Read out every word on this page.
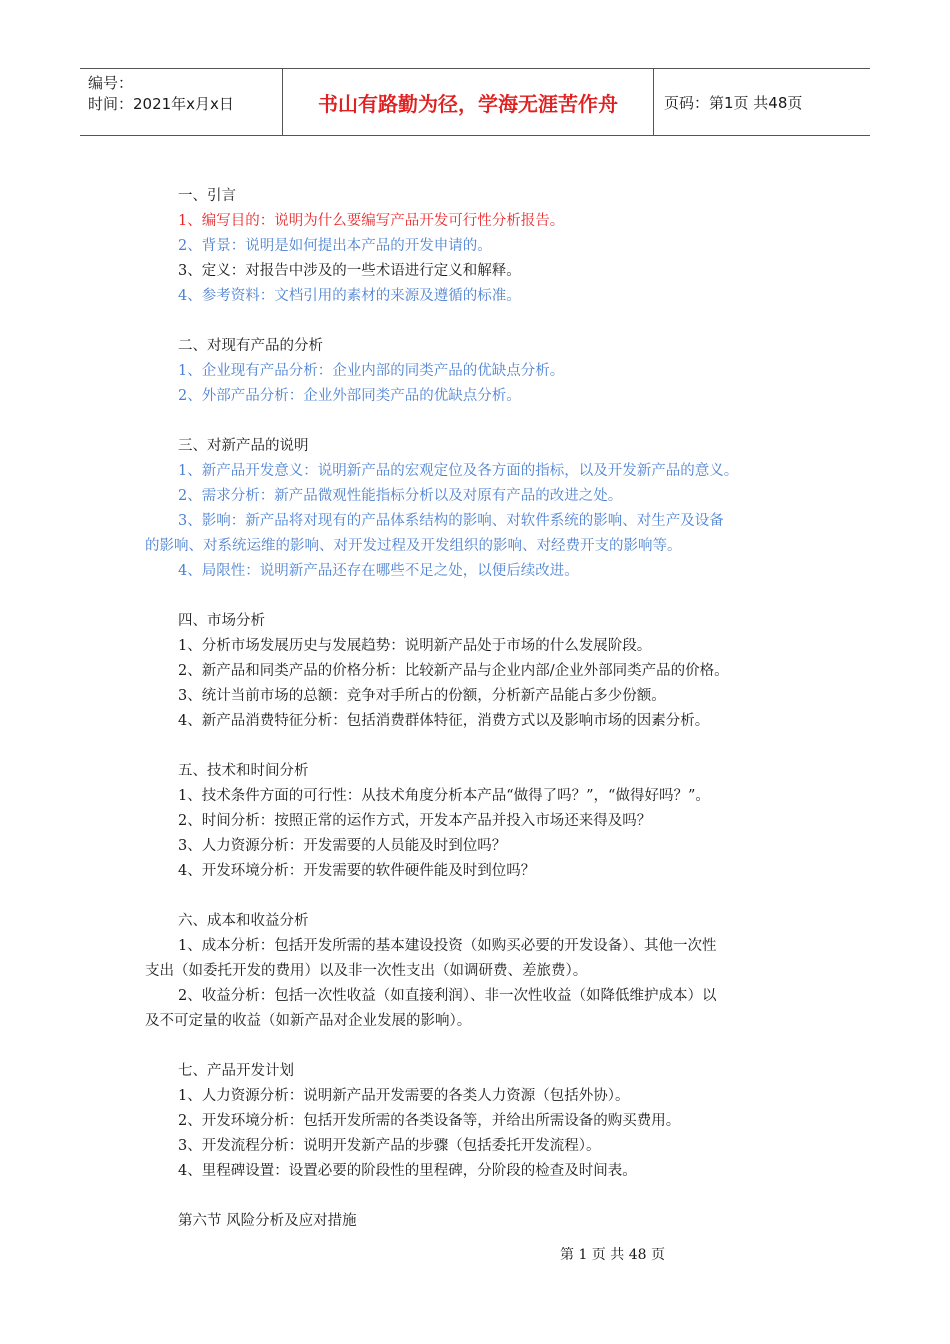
编号：
时间：2021年x月x日	书山有路勤为径，学海无涯苦作舟	页码：第1页 共48页
一、引言
1、编写目的：说明为什么要编写产品开发可行性分析报告。
2、背景：说明是如何提出本产品的开发申请的。
3、定义：对报告中涉及的一些术语进行定义和解释。
4、参考资料：文档引用的素材的来源及遵循的标准。
二、对现有产品的分析
1、企业现有产品分析：企业内部的同类产品的优缺点分析。
2、外部产品分析：企业外部同类产品的优缺点分析。
三、对新产品的说明
1、新产品开发意义：说明新产品的宏观定位及各方面的指标，以及开发新产品的意义。
2、需求分析：新产品微观性能指标分析以及对原有产品的改进之处。
3、影响：新产品将对现有的产品体系结构的影响、对软件系统的影响、对生产及设备
的影响、对系统运维的影响、对开发过程及开发组织的影响、对经费开支的影响等。
4、局限性：说明新产品还存在哪些不足之处，以便后续改进。
四、市场分析
1、分析市场发展历史与发展趋势：说明新产品处于市场的什么发展阶段。
2、新产品和同类产品的价格分析：比较新产品与企业内部/企业外部同类产品的价格。
3、统计当前市场的总额：竞争对手所占的份额，分析新产品能占多少份额。
4、新产品消费特征分析：包括消费群体特征，消费方式以及影响市场的因素分析。
五、技术和时间分析
1、技术条件方面的可行性：从技术角度分析本产品“做得了吗？”，“做得好吗？”。
2、时间分析：按照正常的运作方式，开发本产品并投入市场还来得及吗？
3、人力资源分析：开发需要的人员能及时到位吗？
4、开发环境分析：开发需要的软件硬件能及时到位吗？
六、成本和收益分析
1、成本分析：包括开发所需的基本建设投资（如购买必要的开发设备）、其他一次性
支出（如委托开发的费用）以及非一次性支出（如调研费、差旅费）。
2、收益分析：包括一次性收益（如直接利润）、非一次性收益（如降低维护成本）以
及不可定量的收益（如新产品对企业发展的影响）。
七、产品开发计划
1、人力资源分析：说明新产品开发需要的各类人力资源（包括外协）。
2、开发环境分析：包括开发所需的各类设备等，并给出所需设备的购买费用。
3、开发流程分析：说明开发新产品的步骤（包括委托开发流程）。
4、里程碑设置：设置必要的阶段性的里程碑，分阶段的检查及时间表。
第六节 风险分析及应对措施
第 1 页 共 48 页
